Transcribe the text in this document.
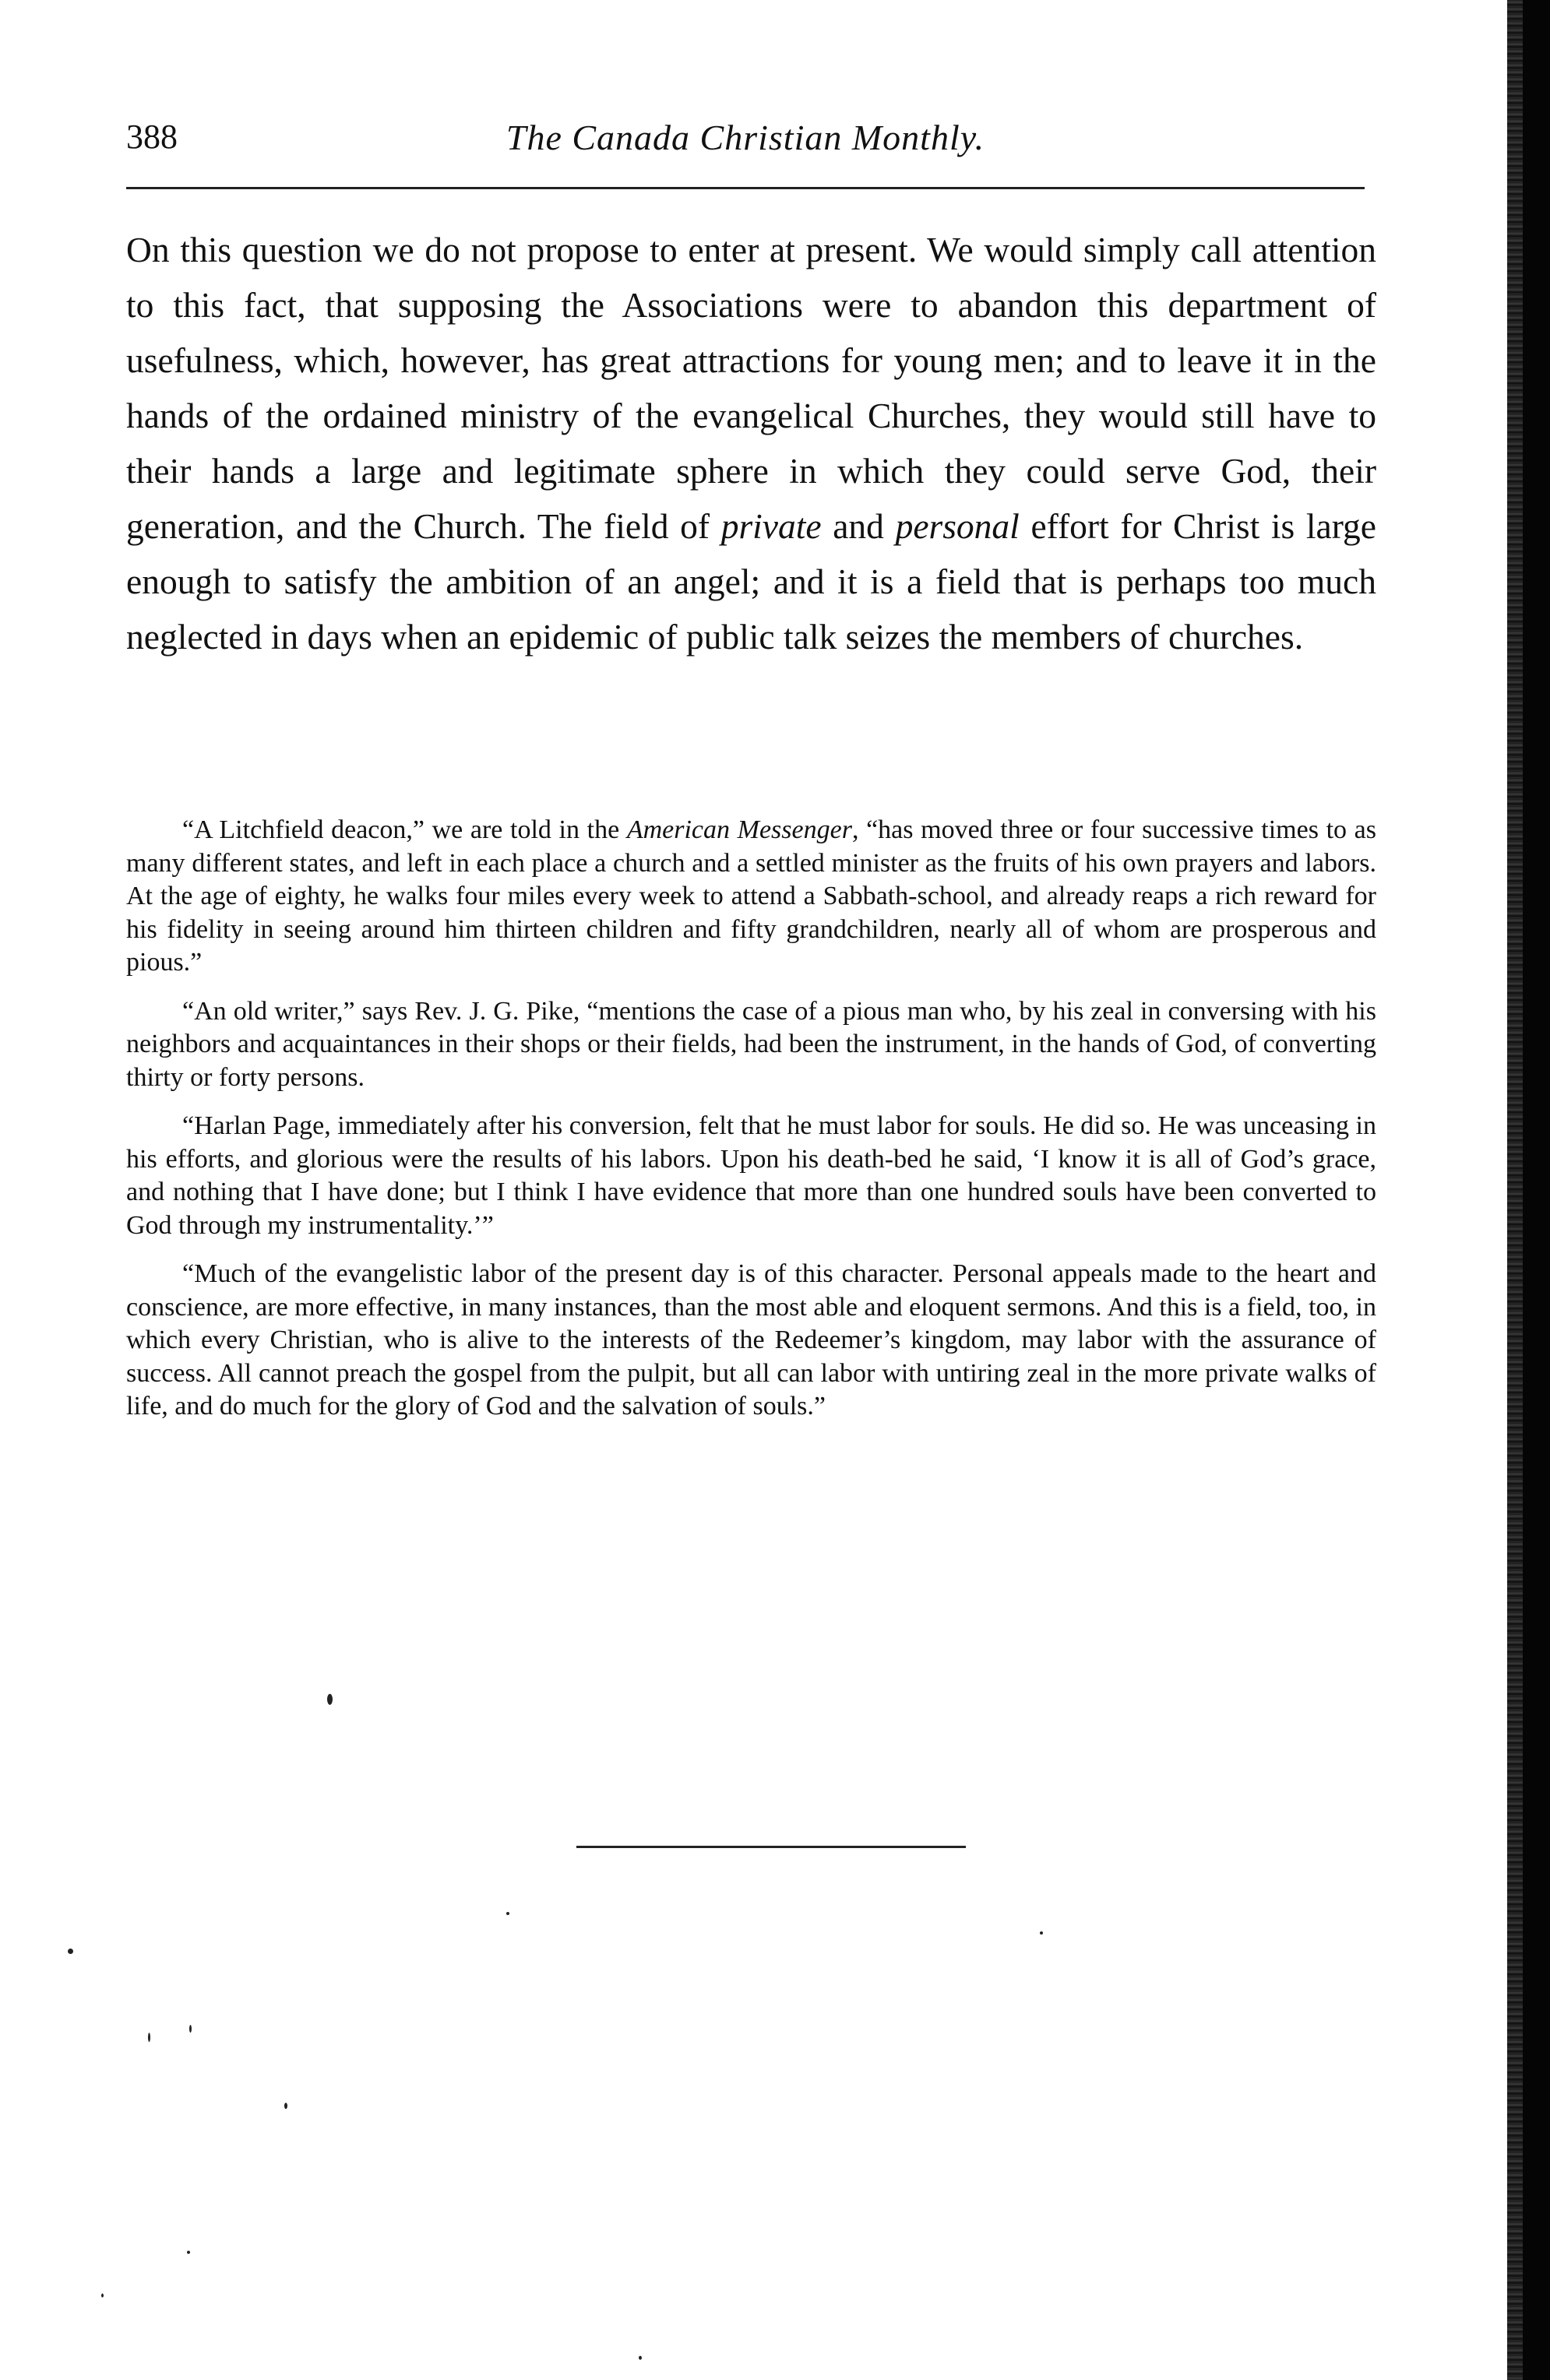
388	The Canada Christian Monthly.
On this question we do not propose to enter at present. We would simply call attention to this fact, that supposing the Associations were to abandon this department of usefulness, which, however, has great attractions for young men; and to leave it in the hands of the ordained ministry of the evangelical Churches, they would still have to their hands a large and legitimate sphere in which they could serve God, their generation, and the Church. The field of private and personal effort for Christ is large enough to satisfy the ambition of an angel; and it is a field that is perhaps too much neglected in days when an epidemic of public talk seizes the members of churches.

“A Litchfield deacon,” we are told in the American Messenger, “has moved three or four successive times to as many different states, and left in each place a church and a settled minister as the fruits of his own prayers and labors. At the age of eighty, he walks four miles every week to attend a Sabbath-school, and already reaps a rich reward for his fidelity in seeing around him thirteen children and fifty grandchildren, nearly all of whom are prosperous and pious.”

“An old writer,” says Rev. J. G. Pike, “mentions the case of a pious man who, by his zeal in conversing with his neighbors and acquaintances in their shops or their fields, had been the instrument, in the hands of God, of converting thirty or forty persons.

“Harlan Page, immediately after his conversion, felt that he must labor for souls. He did so. He was unceasing in his efforts, and glorious were the results of his labors. Upon his death-bed he said, ‘I know it is all of God’s grace, and nothing that I have done; but I think I have evidence that more than one hundred souls have been converted to God through my instrumentality.’”

“Much of the evangelistic labor of the present day is of this character. Personal appeals made to the heart and conscience, are more effective, in many instances, than the most able and eloquent sermons. And this is a field, too, in which every Christian, who is alive to the interests of the Redeemer’s kingdom, may labor with the assurance of success. All cannot preach the gospel from the pulpit, but all can labor with untiring zeal in the more private walks of life, and do much for the glory of God and the salvation of souls.”
